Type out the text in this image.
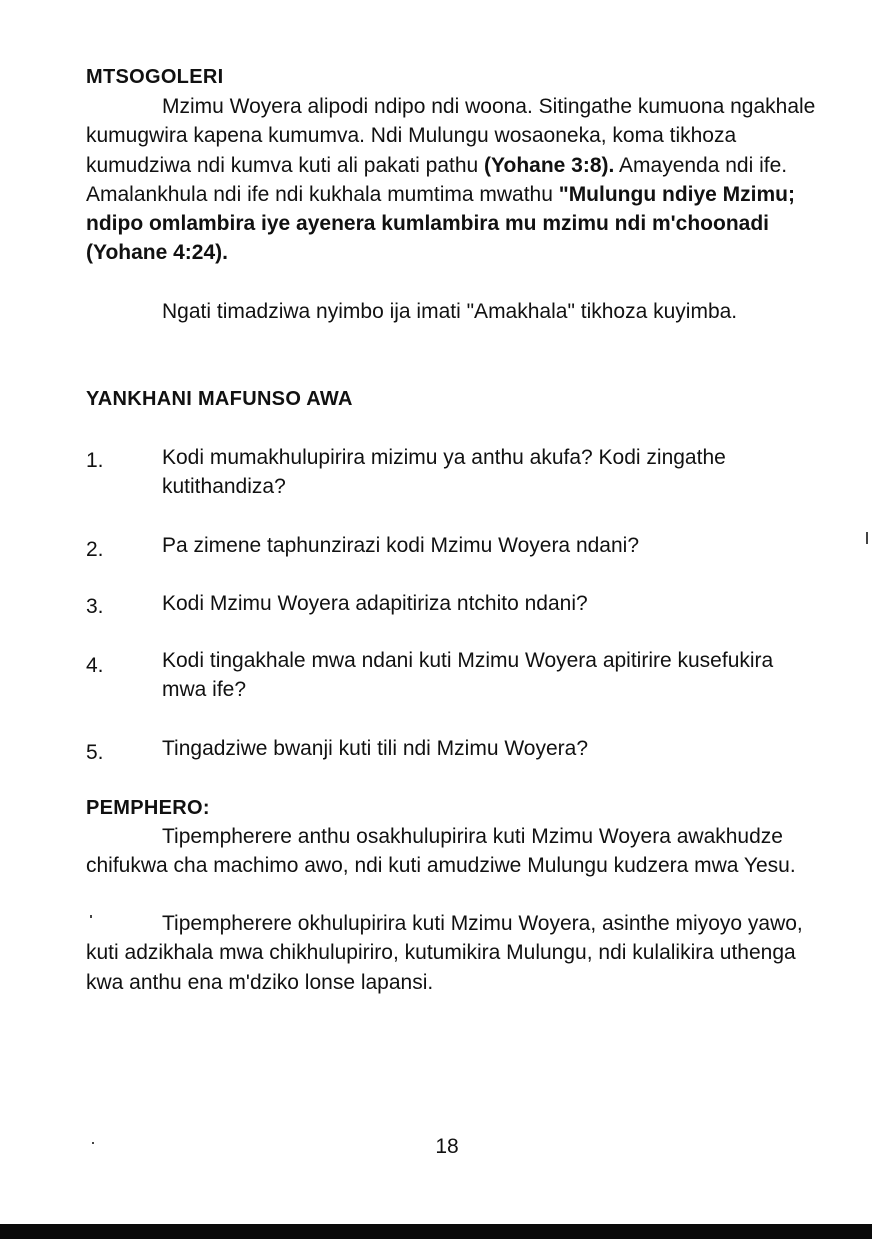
MTSOGOLERI

Mzimu Woyera alipodi ndipo ndi woona. Sitingathe kumuona ngakhale kumugwira kapena kumumva. Ndi Mulungu wosaoneka, koma tikhoza kumudziwa ndi kumva kuti ali pakati pathu (Yohane 3:8). Amayenda ndi ife. Amalankhula ndi ife ndi kukhala mumtima mwathu "Mulungu ndiye Mzimu; ndipo omlambira iye ayenera kumlambira mu mzimu ndi m'choonadi (Yohane 4:24).

Ngati timadziwa nyimbo ija imati "Amakhala" tikhoza kuyimba.

YANKHANI MAFUNSO AWA
1.	Kodi mumakhulupirira mizimu ya anthu akufa? Kodi zingathe kutithandiza?
2.	Pa zimene taphunzirazi kodi Mzimu Woyera ndani?
3.	Kodi Mzimu Woyera adapitiriza ntchito ndani?
4.	Kodi tingakhale mwa ndani kuti Mzimu Woyera apitirire kusefukira mwa ife?
5.	Tingadziwe bwanji kuti tili ndi Mzimu Woyera?
PEMPHERO:

Tipempherere anthu osakhulupirira kuti Mzimu Woyera awakhudze chifukwa cha machimo awo, ndi kuti amudziwe Mulungu kudzera mwa Yesu.

Tipempherere okhulupirira kuti Mzimu Woyera, asinthe miyoyo yawo, kuti adzikhala mwa chikhulupiriro, kutumikira Mulungu, ndi kulalikira uthenga kwa anthu ena m'dziko lonse lapansi.

18
